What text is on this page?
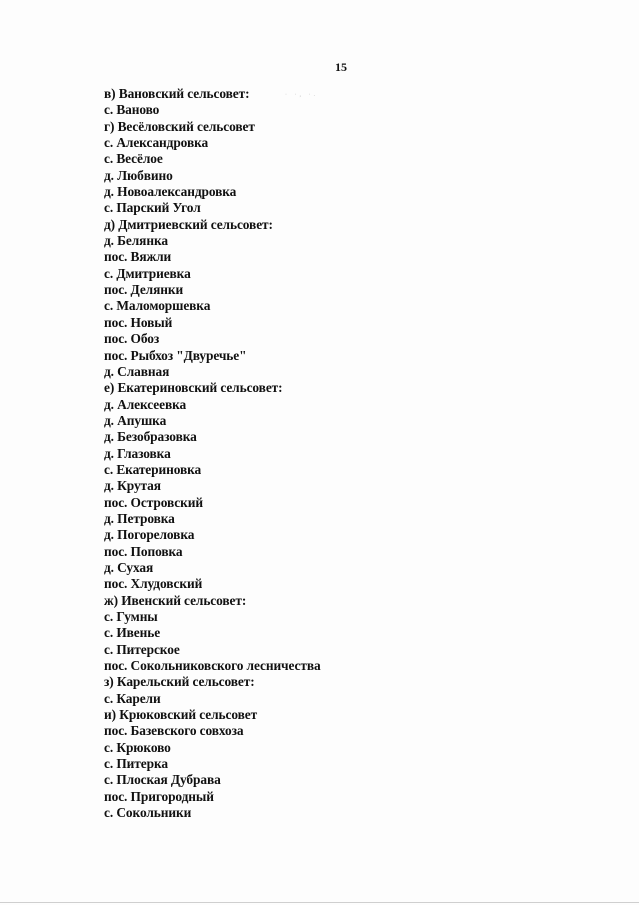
15
· ·, ·.
в) Вановский сельсовет:
с. Ваново
г) Весёловский сельсовет
с. Александровка
с. Весёлое
д. Любвино
д. Новоалександровка
с. Парский Угол
д) Дмитриевский сельсовет:
д. Белянка
пос. Вяжли
с. Дмитриевка
пос. Делянки
с. Маломоршевка
пос. Новый
пос. Обоз
пос. Рыбхоз "Двуречье"
д. Славная
е) Екатериновский сельсовет:
д. Алексеевка
д. Апушка
д. Безобразовка
д. Глазовка
с. Екатериновка
д. Крутая
пос. Островский
д. Петровка
д. Погореловка
пос. Поповка
д. Сухая
пос. Хлудовский
ж) Ивенский сельсовет:
с. Гумны
с. Ивенье
с. Питерское
пос. Сокольниковского лесничества
з) Карельский сельсовет:
с. Карели
и) Крюковский сельсовет
пос. Базевского совхоза
с. Крюково
с. Питерка
с. Плоская Дубрава
пос. Пригородный
с. Сокольники
